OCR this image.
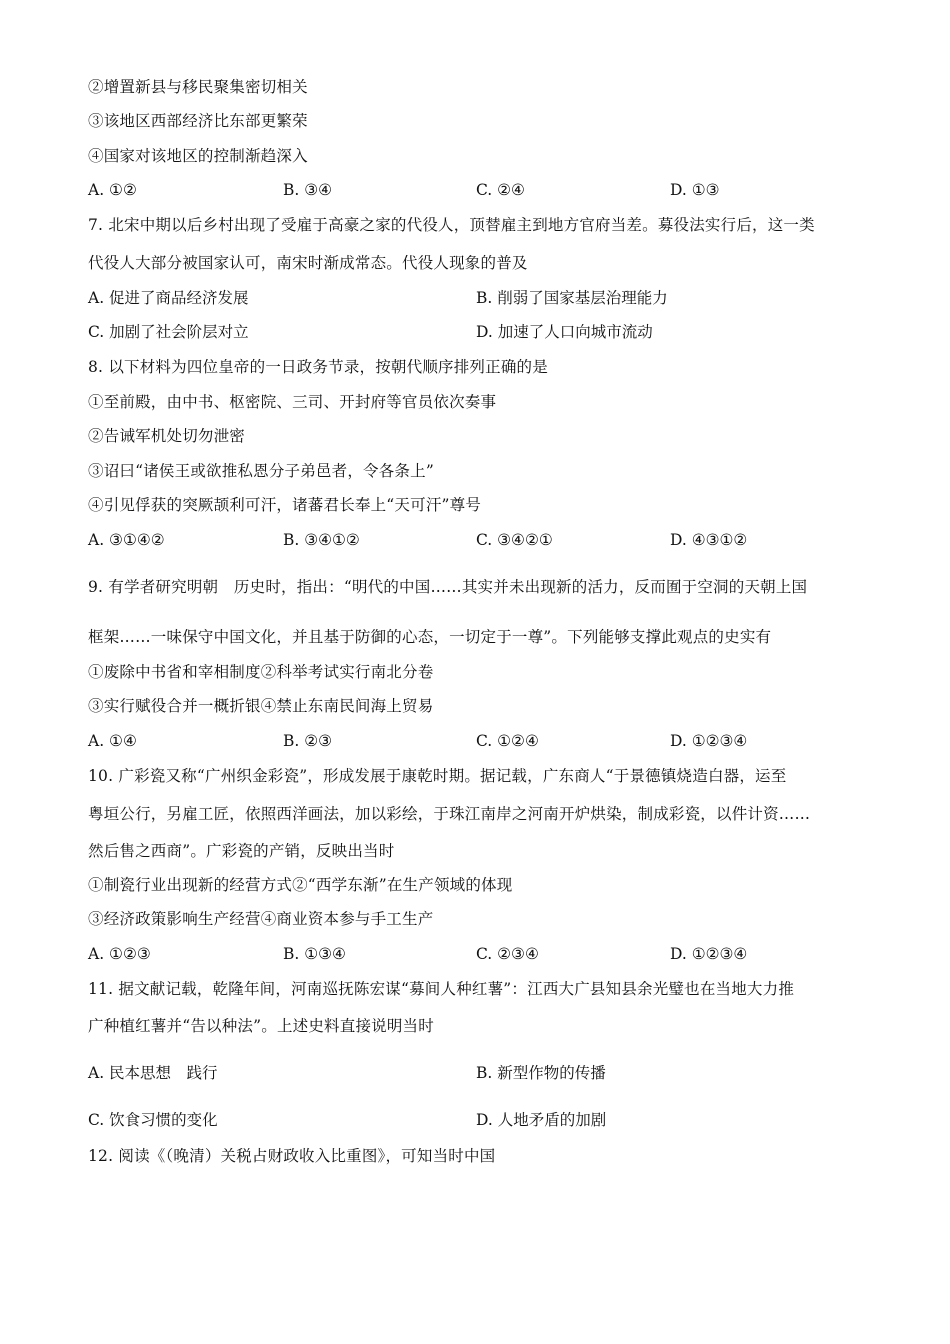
②增置新县与移民聚集密切相关
③该地区西部经济比东部更繁荣
④国家对该地区的控制渐趋深入
A. ①②	B. ③④	C. ②④	D. ①③
7. 北宋中期以后乡村出现了受雇于高豪之家的代役人，顶替雇主到地方官府当差。募役法实行后，这一类
代役人大部分被国家认可，南宋时渐成常态。代役人现象的普及
A. 促进了商品经济发展	B. 削弱了国家基层治理能力
C. 加剧了社会阶层对立	D. 加速了人口向城市流动
8. 以下材料为四位皇帝的一日政务节录，按朝代顺序排列正确的是
①至前殿，由中书、枢密院、三司、开封府等官员依次奏事
②告诫军机处切勿泄密
③诏曰“诸侯王或欲推私恩分子弟邑者，令各条上”
④引见俘获的突厥颉利可汗，诸蕃君长奉上“天可汗”尊号
A. ③①④②	B. ③④①②	C. ③④②①	D. ④③①②
9. 有学者研究明朝　历史时，指出：“明代的中国……其实并未出现新的活力，反而囿于空洞的天朝上国
框架……一味保守中国文化，并且基于防御的心态，一切定于一尊”。下列能够支撑此观点的史实有
①废除中书省和宰相制度②科举考试实行南北分卷
③实行赋役合并一概折银④禁止东南民间海上贸易
A. ①④	B. ②③	C. ①②④	D. ①②③④
10. 广彩瓷又称“广州织金彩瓷”，形成发展于康乾时期。据记载，广东商人“于景德镇烧造白器，运至
粤垣公行，另雇工匠，依照西洋画法，加以彩绘，于珠江南岸之河南开炉烘染，制成彩瓷，以件计资……
然后售之西商”。广彩瓷的产销，反映出当时
①制瓷行业出现新的经营方式②“西学东渐”在生产领域的体现
③经济政策影响生产经营④商业资本参与手工生产
A. ①②③	B. ①③④	C. ②③④	D. ①②③④
11. 据文献记载，乾隆年间，河南巡抚陈宏谋“募间人种红薯”：江西大广县知县余光璧也在当地大力推
广种植红薯并“告以种法”。上述史料直接说明当时
A. 民本思想　践行	B. 新型作物的传播
C. 饮食习惯的变化	D. 人地矛盾的加剧
12. 阅读《（晚清）关税占财政收入比重图》，可知当时中国
